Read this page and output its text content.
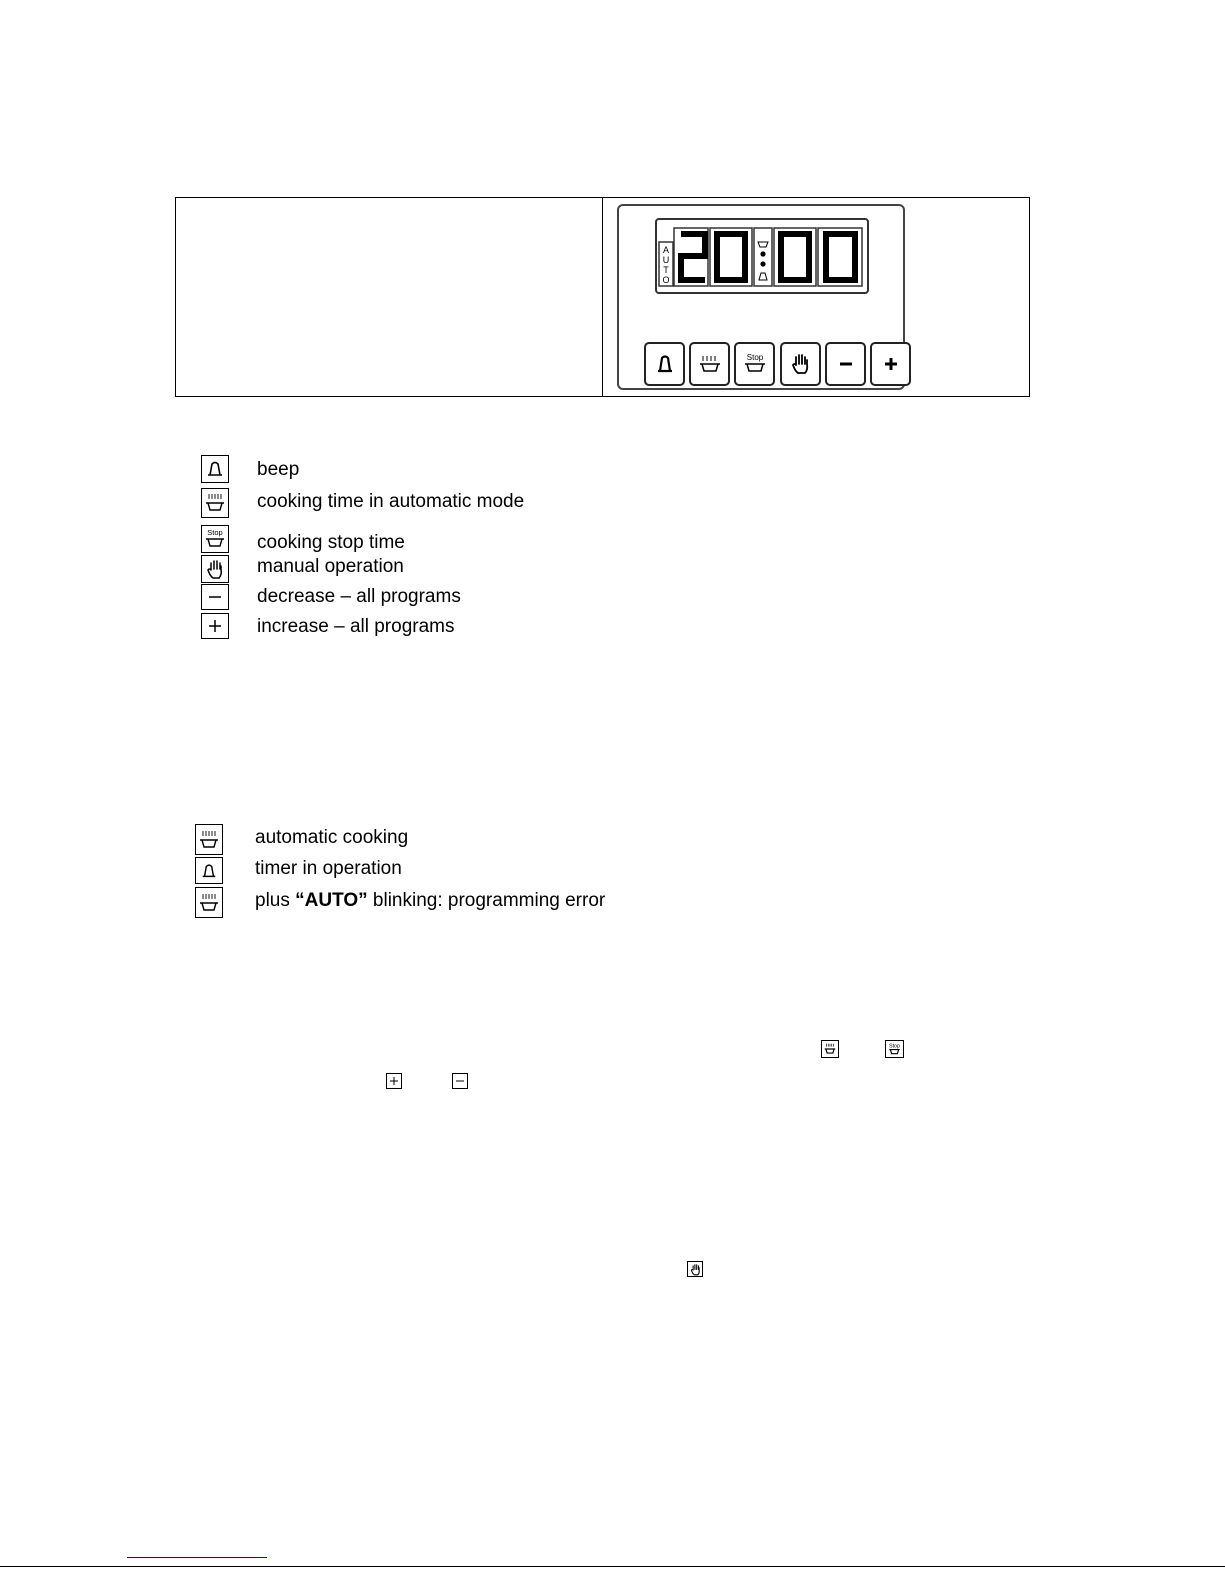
A
U
T
O
Stop
beep
cooking time in automatic mode
Stop cooking stop time
manual operation
decrease – all programs
increase – all programs
automatic cooking
timer in operation
plus “AUTO” blinking: programming error
Stop
